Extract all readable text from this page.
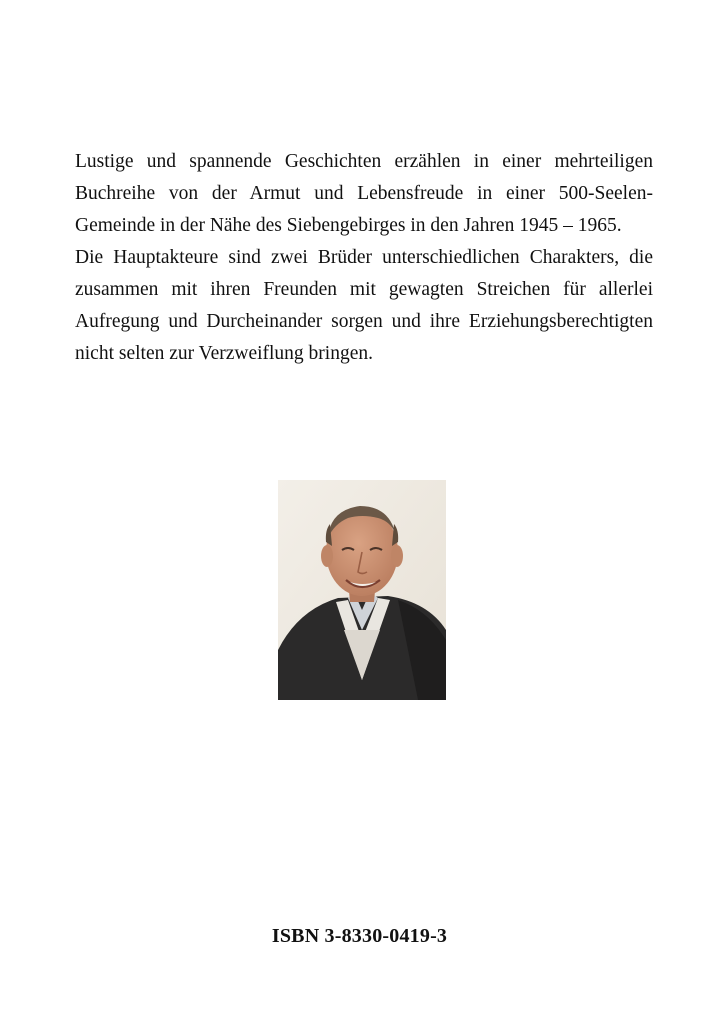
Lustige und spannende Geschichten erzählen in einer mehrteiligen Buchreihe von der Armut und Lebensfreude in einer 500-Seelen-Gemeinde in der Nähe des Siebengebirges in den Jahren 1945 – 1965.

Die Hauptakteure sind zwei Brüder unterschiedlichen Charakters, die zusammen mit ihren Freunden mit gewagten Streichen für allerlei Aufregung und Durcheinander sorgen und ihre Erziehungsberechtigten nicht selten zur Verzweiflung bringen.

ISBN 3-8330-0419-3
